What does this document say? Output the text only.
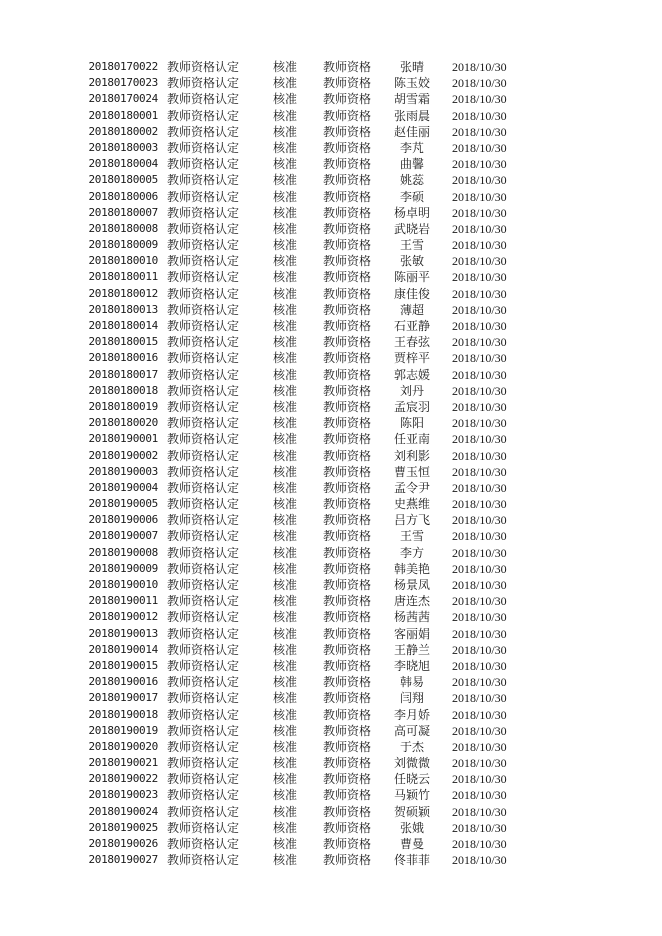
20180170022 教师资格认定	核准 教师资格	张晴	2018/10/30
20180170023 教师资格认定	核准 教师资格	陈玉姣	2018/10/30
20180170024 教师资格认定	核准 教师资格	胡雪霜	2018/10/30
20180180001 教师资格认定	核准 教师资格	张雨晨	2018/10/30
20180180002 教师资格认定	核准 教师资格	赵佳丽	2018/10/30
20180180003 教师资格认定	核准 教师资格	李芃	2018/10/30
20180180004 教师资格认定	核准 教师资格	曲馨	2018/10/30
20180180005 教师资格认定	核准 教师资格	姚蕊	2018/10/30
20180180006 教师资格认定	核准 教师资格	李硕	2018/10/30
20180180007 教师资格认定	核准 教师资格	杨卓明	2018/10/30
20180180008 教师资格认定	核准 教师资格	武晓岩	2018/10/30
20180180009 教师资格认定	核准 教师资格	王雪	2018/10/30
20180180010 教师资格认定	核准 教师资格	张敏	2018/10/30
20180180011 教师资格认定	核准 教师资格	陈丽平	2018/10/30
20180180012 教师资格认定	核准 教师资格	康佳俊	2018/10/30
20180180013 教师资格认定	核准 教师资格	薄超	2018/10/30
20180180014 教师资格认定	核准 教师资格	石亚静	2018/10/30
20180180015 教师资格认定	核准 教师资格	王春弦	2018/10/30
20180180016 教师资格认定	核准 教师资格	贾梓平	2018/10/30
20180180017 教师资格认定	核准 教师资格	郭志媛	2018/10/30
20180180018 教师资格认定	核准 教师资格	刘丹	2018/10/30
20180180019 教师资格认定	核准 教师资格	孟宸羽	2018/10/30
20180180020 教师资格认定	核准 教师资格	陈阳	2018/10/30
20180190001 教师资格认定	核准 教师资格	任亚南	2018/10/30
20180190002 教师资格认定	核准 教师资格	刘利影	2018/10/30
20180190003 教师资格认定	核准 教师资格	曹玉恒	2018/10/30
20180190004 教师资格认定	核准 教师资格	孟令尹	2018/10/30
20180190005 教师资格认定	核准 教师资格	史燕维	2018/10/30
20180190006 教师资格认定	核准 教师资格	吕方飞	2018/10/30
20180190007 教师资格认定	核准 教师资格	王雪	2018/10/30
20180190008 教师资格认定	核准 教师资格	李方	2018/10/30
20180190009 教师资格认定	核准 教师资格	韩美艳	2018/10/30
20180190010 教师资格认定	核准 教师资格	杨景凤	2018/10/30
20180190011 教师资格认定	核准 教师资格	唐连杰	2018/10/30
20180190012 教师资格认定	核准 教师资格	杨茜茜	2018/10/30
20180190013 教师资格认定	核准 教师资格	客丽娟	2018/10/30
20180190014 教师资格认定	核准 教师资格	王静兰	2018/10/30
20180190015 教师资格认定	核准 教师资格	李晓旭	2018/10/30
20180190016 教师资格认定	核准 教师资格	韩易	2018/10/30
20180190017 教师资格认定	核准 教师资格	闫翔	2018/10/30
20180190018 教师资格认定	核准 教师资格	李月娇	2018/10/30
20180190019 教师资格认定	核准 教师资格	高可凝	2018/10/30
20180190020 教师资格认定	核准 教师资格	于杰	2018/10/30
20180190021 教师资格认定	核准 教师资格	刘微微	2018/10/30
20180190022 教师资格认定	核准 教师资格	任晓云	2018/10/30
20180190023 教师资格认定	核准 教师资格	马颖竹	2018/10/30
20180190024 教师资格认定	核准 教师资格	贺硕颖	2018/10/30
20180190025 教师资格认定	核准 教师资格	张娥	2018/10/30
20180190026 教师资格认定	核准 教师资格	曹曼	2018/10/30
20180190027 教师资格认定	核准 教师资格	佟菲菲	2018/10/30
